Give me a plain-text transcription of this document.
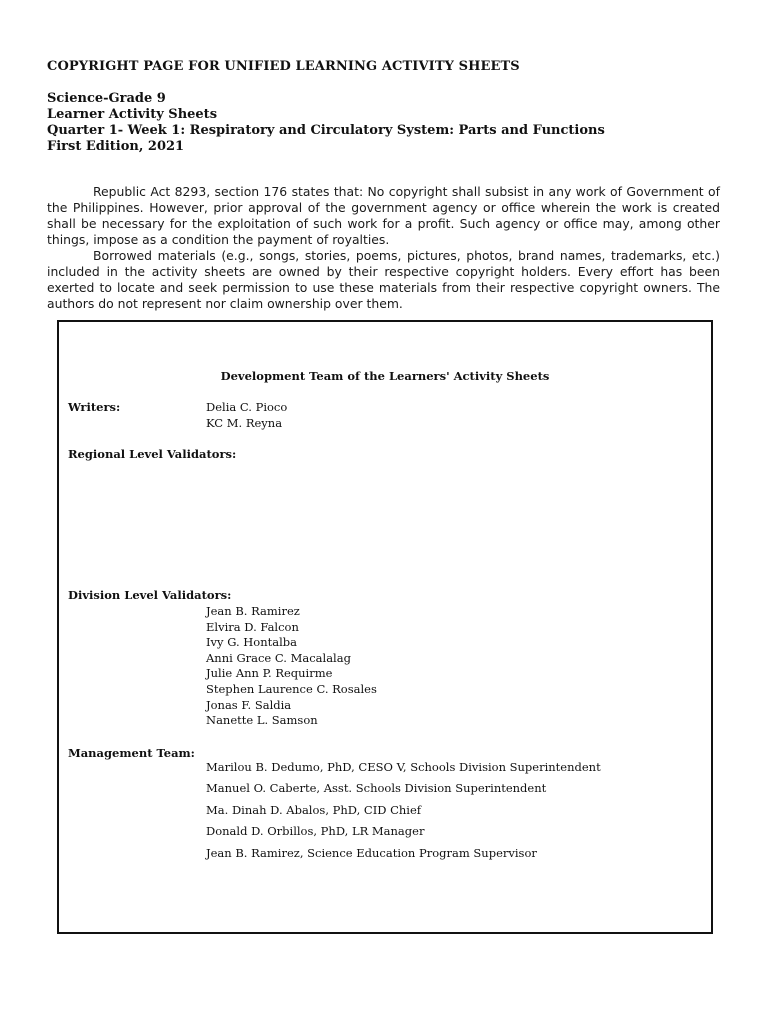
COPYRIGHT PAGE FOR UNIFIED LEARNING ACTIVITY SHEETS
Science-Grade 9
Learner Activity Sheets
Quarter 1- Week 1: Respiratory and Circulatory System: Parts and Functions
First Edition, 2021

Republic Act 8293, section 176 states that: No copyright shall subsist in any work of Government of the Philippines. However, prior approval of the government agency or office wherein the work is created shall be necessary for the exploitation of such work for a profit. Such agency or office may, among other things, impose as a condition the payment of royalties.

Borrowed materials (e.g., songs, stories, poems, pictures, photos, brand names, trademarks, etc.) included in the activity sheets are owned by their respective copyright holders. Every effort has been exerted to locate and seek permission to use these materials from their respective copyright owners. The authors do not represent nor claim ownership over them.

Development Team of the Learners' Activity Sheets
Writers:	Delia C. Pioco
KC M. Reyna
Regional Level Validators:
Division Level Validators:
Jean B. Ramirez
Elvira D. Falcon
Ivy G. Hontalba
Anni Grace C. Macalalag
Julie Ann P. Requirme
Stephen Laurence C. Rosales
Jonas F. Saldia
Nanette L. Samson
Management Team:
Marilou B. Dedumo, PhD, CESO V, Schools Division Superintendent
Manuel O. Caberte, Asst. Schools Division Superintendent
Ma. Dinah D. Abalos, PhD, CID Chief
Donald D. Orbillos, PhD, LR Manager
Jean B. Ramirez, Science Education Program Supervisor
